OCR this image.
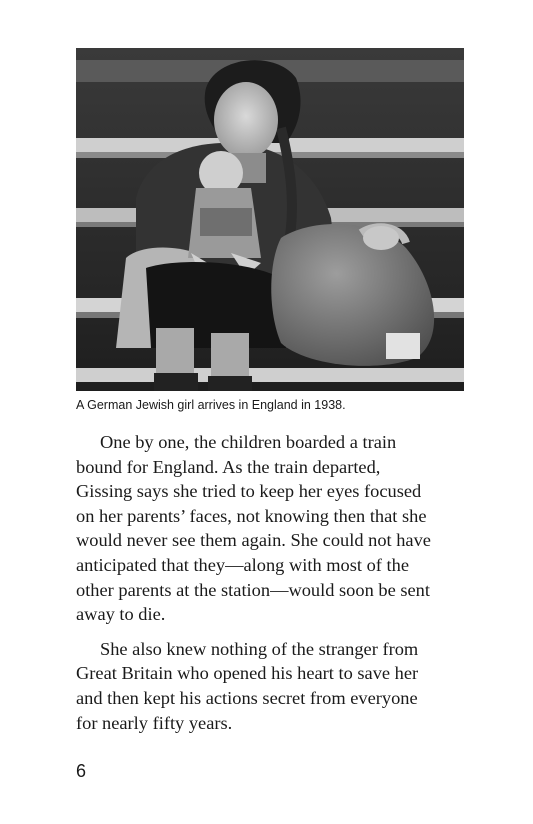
A German Jewish girl arrives in England in 1938.

One by one, the children boarded a train
bound for England. As the train departed,
Gissing says she tried to keep her eyes focused
on her parents’ faces, not knowing then that she
would never see them again. She could not have
anticipated that they—along with most of the
other parents at the station—would soon be sent
away to die.

She also knew nothing of the stranger from
Great Britain who opened his heart to save her
and then kept his actions secret from everyone
for nearly fifty years.

6
